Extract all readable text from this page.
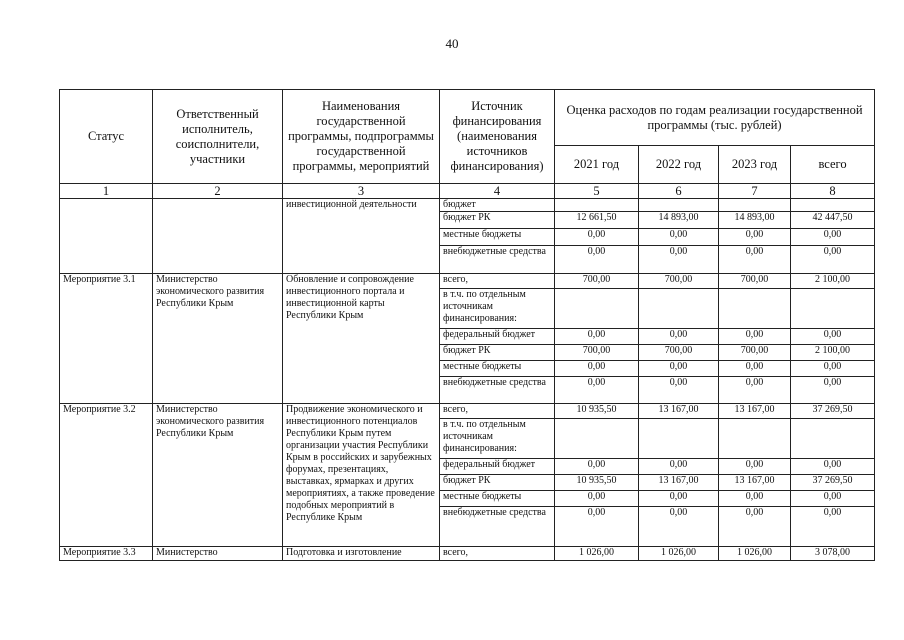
40
Статус	Ответственный исполнитель, соисполнители, участники	Наименования государственной программы, подпрограммы государственной программы, мероприятий	Источник финансирования (наименования источников финансирования)	Оценка расходов по годам реализации государственной программы (тыс. рублей)			
				2021 год	2022 год	2023 год	всего
1	2	3	4	5	6	7	8
		инвестиционной деятельности	бюджет				
			бюджет РК	12 661,50	14 893,00	14 893,00	42 447,50
			местные бюджеты	0,00	0,00	0,00	0,00
			внебюджетные средства	0,00	0,00	0,00	0,00
Мероприятие 3.1	Министерство экономического развития Республики Крым	Обновление и сопровождение инвестиционного портала и инвестиционной карты Республики Крым	всего,	700,00	700,00	700,00	2 100,00
			в т.ч. по отдельным источникам финансирования:				
			федеральный бюджет	0,00	0,00	0,00	0,00
			бюджет РК	700,00	700,00	700,00	2 100,00
			местные бюджеты	0,00	0,00	0,00	0,00
			внебюджетные средства	0,00	0,00	0,00	0,00
Мероприятие 3.2	Министерство экономического развития Республики Крым	Продвижение экономического и инвестиционного потенциалов Республики Крым путем организации участия Республики Крым в российских и зарубежных форумах, презентациях, выставках, ярмарках и других мероприятиях, а также проведение подобных мероприятий в Республике Крым	всего,	10 935,50	13 167,00	13 167,00	37 269,50
			в т.ч. по отдельным источникам финансирования:				
			федеральный бюджет	0,00	0,00	0,00	0,00
			бюджет РК	10 935,50	13 167,00	13 167,00	37 269,50
			местные бюджеты	0,00	0,00	0,00	0,00
			внебюджетные средства	0,00	0,00	0,00	0,00
Мероприятие 3.3	Министерство	Подготовка и изготовление	всего,	1 026,00	1 026,00	1 026,00	3 078,00
